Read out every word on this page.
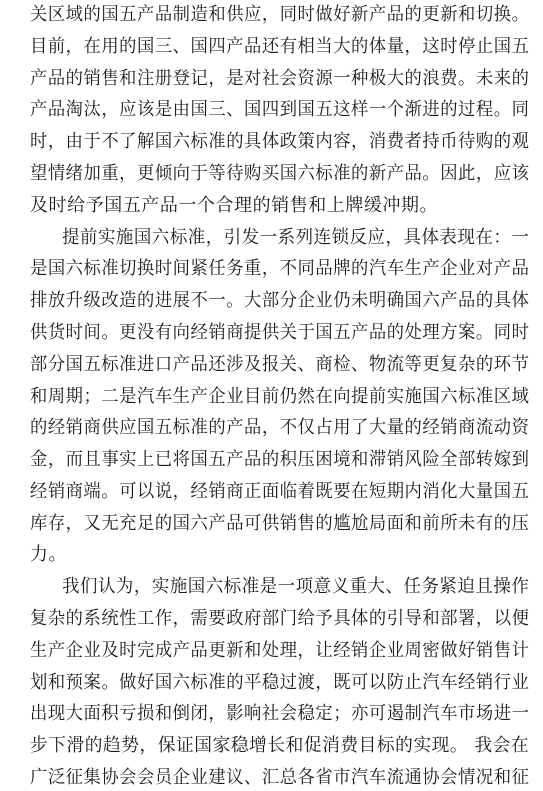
关区域的国五产品制造和供应，同时做好新产品的更新和切换。
目前，在用的国三、国四产品还有相当大的体量，这时停止国五
产品的销售和注册登记，是对社会资源一种极大的浪费。未来的
产品淘汰，应该是由国三、国四到国五这样一个渐进的过程。同
时，由于不了解国六标准的具体政策内容，消费者持币待购的观
望情绪加重，更倾向于等待购买国六标准的新产品。因此，应该
及时给予国五产品一个合理的销售和上牌缓冲期。
提前实施国六标准，引发一系列连锁反应，具体表现在：一
是国六标准切换时间紧任务重，不同品牌的汽车生产企业对产品
排放升级改造的进展不一。大部分企业仍未明确国六产品的具体
供货时间。更没有向经销商提供关于国五产品的处理方案。同时
部分国五标准进口产品还涉及报关、商检、物流等更复杂的环节
和周期；二是汽车生产企业目前仍然在向提前实施国六标准区域
的经销商供应国五标准的产品，不仅占用了大量的经销商流动资
金，而且事实上已将国五产品的积压困境和滞销风险全部转嫁到
经销商端。可以说，经销商正面临着既要在短期内消化大量国五
库存，又无充足的国六产品可供销售的尴尬局面和前所未有的压
力。
我们认为，实施国六标准是一项意义重大、任务紧迫且操作
复杂的系统性工作，需要政府部门给予具体的引导和部署，以便
生产企业及时完成产品更新和处理，让经销企业周密做好销售计
划和预案。做好国六标准的平稳过渡，既可以防止汽车经销行业
出现大面积亏损和倒闭，影响社会稳定；亦可遏制汽车市场进一
步下滑的趋势，保证国家稳增长和促消费目标的实现。 我会在
广泛征集协会会员企业建议、汇总各省市汽车流通协会情况和征
